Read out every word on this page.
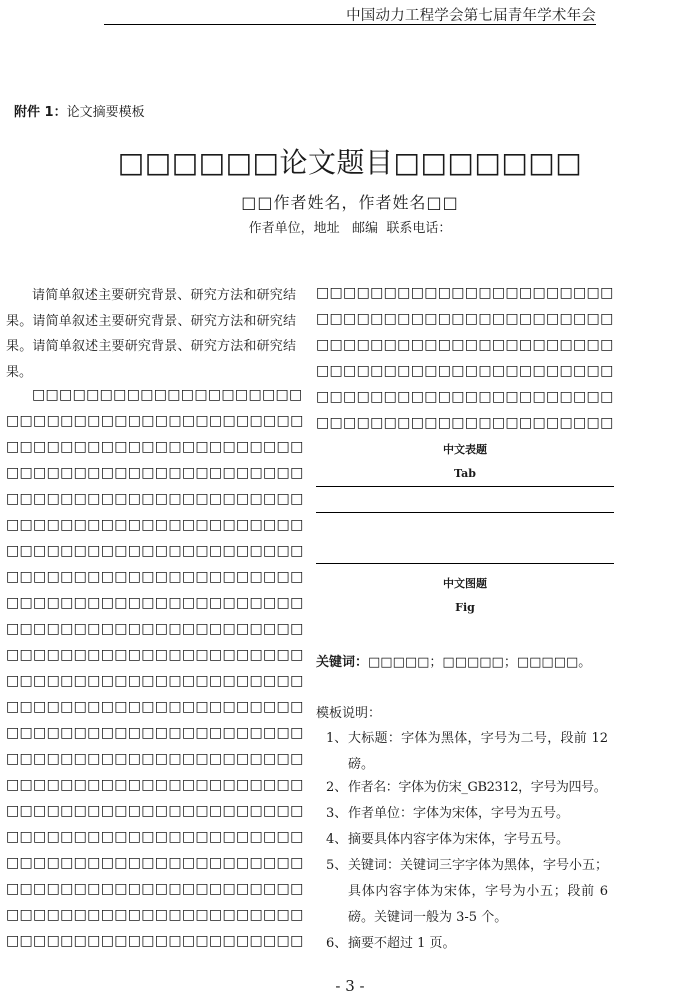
中国动力工程学会第七届青年学术年会
附件 1：论文摘要模板
□□□□□□论文题目□□□□□□□
□□作者姓名，作者姓名□□
作者单位，地址   邮编  联系电话：
请简单叙述主要研究背景、研究方法和研究结果。请简单叙述主要研究背景、研究方法和研究结果。请简单叙述主要研究背景、研究方法和研究结果。
□□□□□□□□□□□□□□□□□□□□
□□□□□□□□□□□□□□□□□□□□□□
□□□□□□□□□□□□□□□□□□□□□□
□□□□□□□□□□□□□□□□□□□□□□
□□□□□□□□□□□□□□□□□□□□□□
□□□□□□□□□□□□□□□□□□□□□□
□□□□□□□□□□□□□□□□□□□□□□
□□□□□□□□□□□□□□□□□□□□□□
□□□□□□□□□□□□□□□□□□□□□□
□□□□□□□□□□□□□□□□□□□□□□
□□□□□□□□□□□□□□□□□□□□□□
□□□□□□□□□□□□□□□□□□□□□□
□□□□□□□□□□□□□□□□□□□□□□
□□□□□□□□□□□□□□□□□□□□□□
□□□□□□□□□□□□□□□□□□□□□□
□□□□□□□□□□□□□□□□□□□□□□
□□□□□□□□□□□□□□□□□□□□□□
□□□□□□□□□□□□□□□□□□□□□□
□□□□□□□□□□□□□□□□□□□□□□
□□□□□□□□□□□□□□□□□□□□□□
□□□□□□□□□□□□□□□□□□□□□□
□□□□□□□□□□□□□□□□□□□□□□
□□□□□□□□□□□□□□□□□□□□□□
□□□□□□□□□□□□□□□□□□□□□□
□□□□□□□□□□□□□□□□□□□□□□
□□□□□□□□□□□□□□□□□□□□□□
□□□□□□□□□□□□□□□□□□□□□□
□□□□□□□□□□□□□□□□□□□□□□
中文表题
Tab
中文图题
Fig
关键词：□□□□□；□□□□□；□□□□□。
模板说明：
1、 大标题：字体为黑体，字号为二号，段前 12 磅。
2、 作者名：字体为仿宋_GB2312，字号为四号。
3、 作者单位：字体为宋体，字号为五号。
4、 摘要具体内容字体为宋体，字号五号。
5、 关键词：关键词三字字体为黑体，字号小五；具体内容字体为宋体，字号为小五；段前 6 磅。关键词一般为 3-5 个。
6、 摘要不超过 1 页。
- 3 -
